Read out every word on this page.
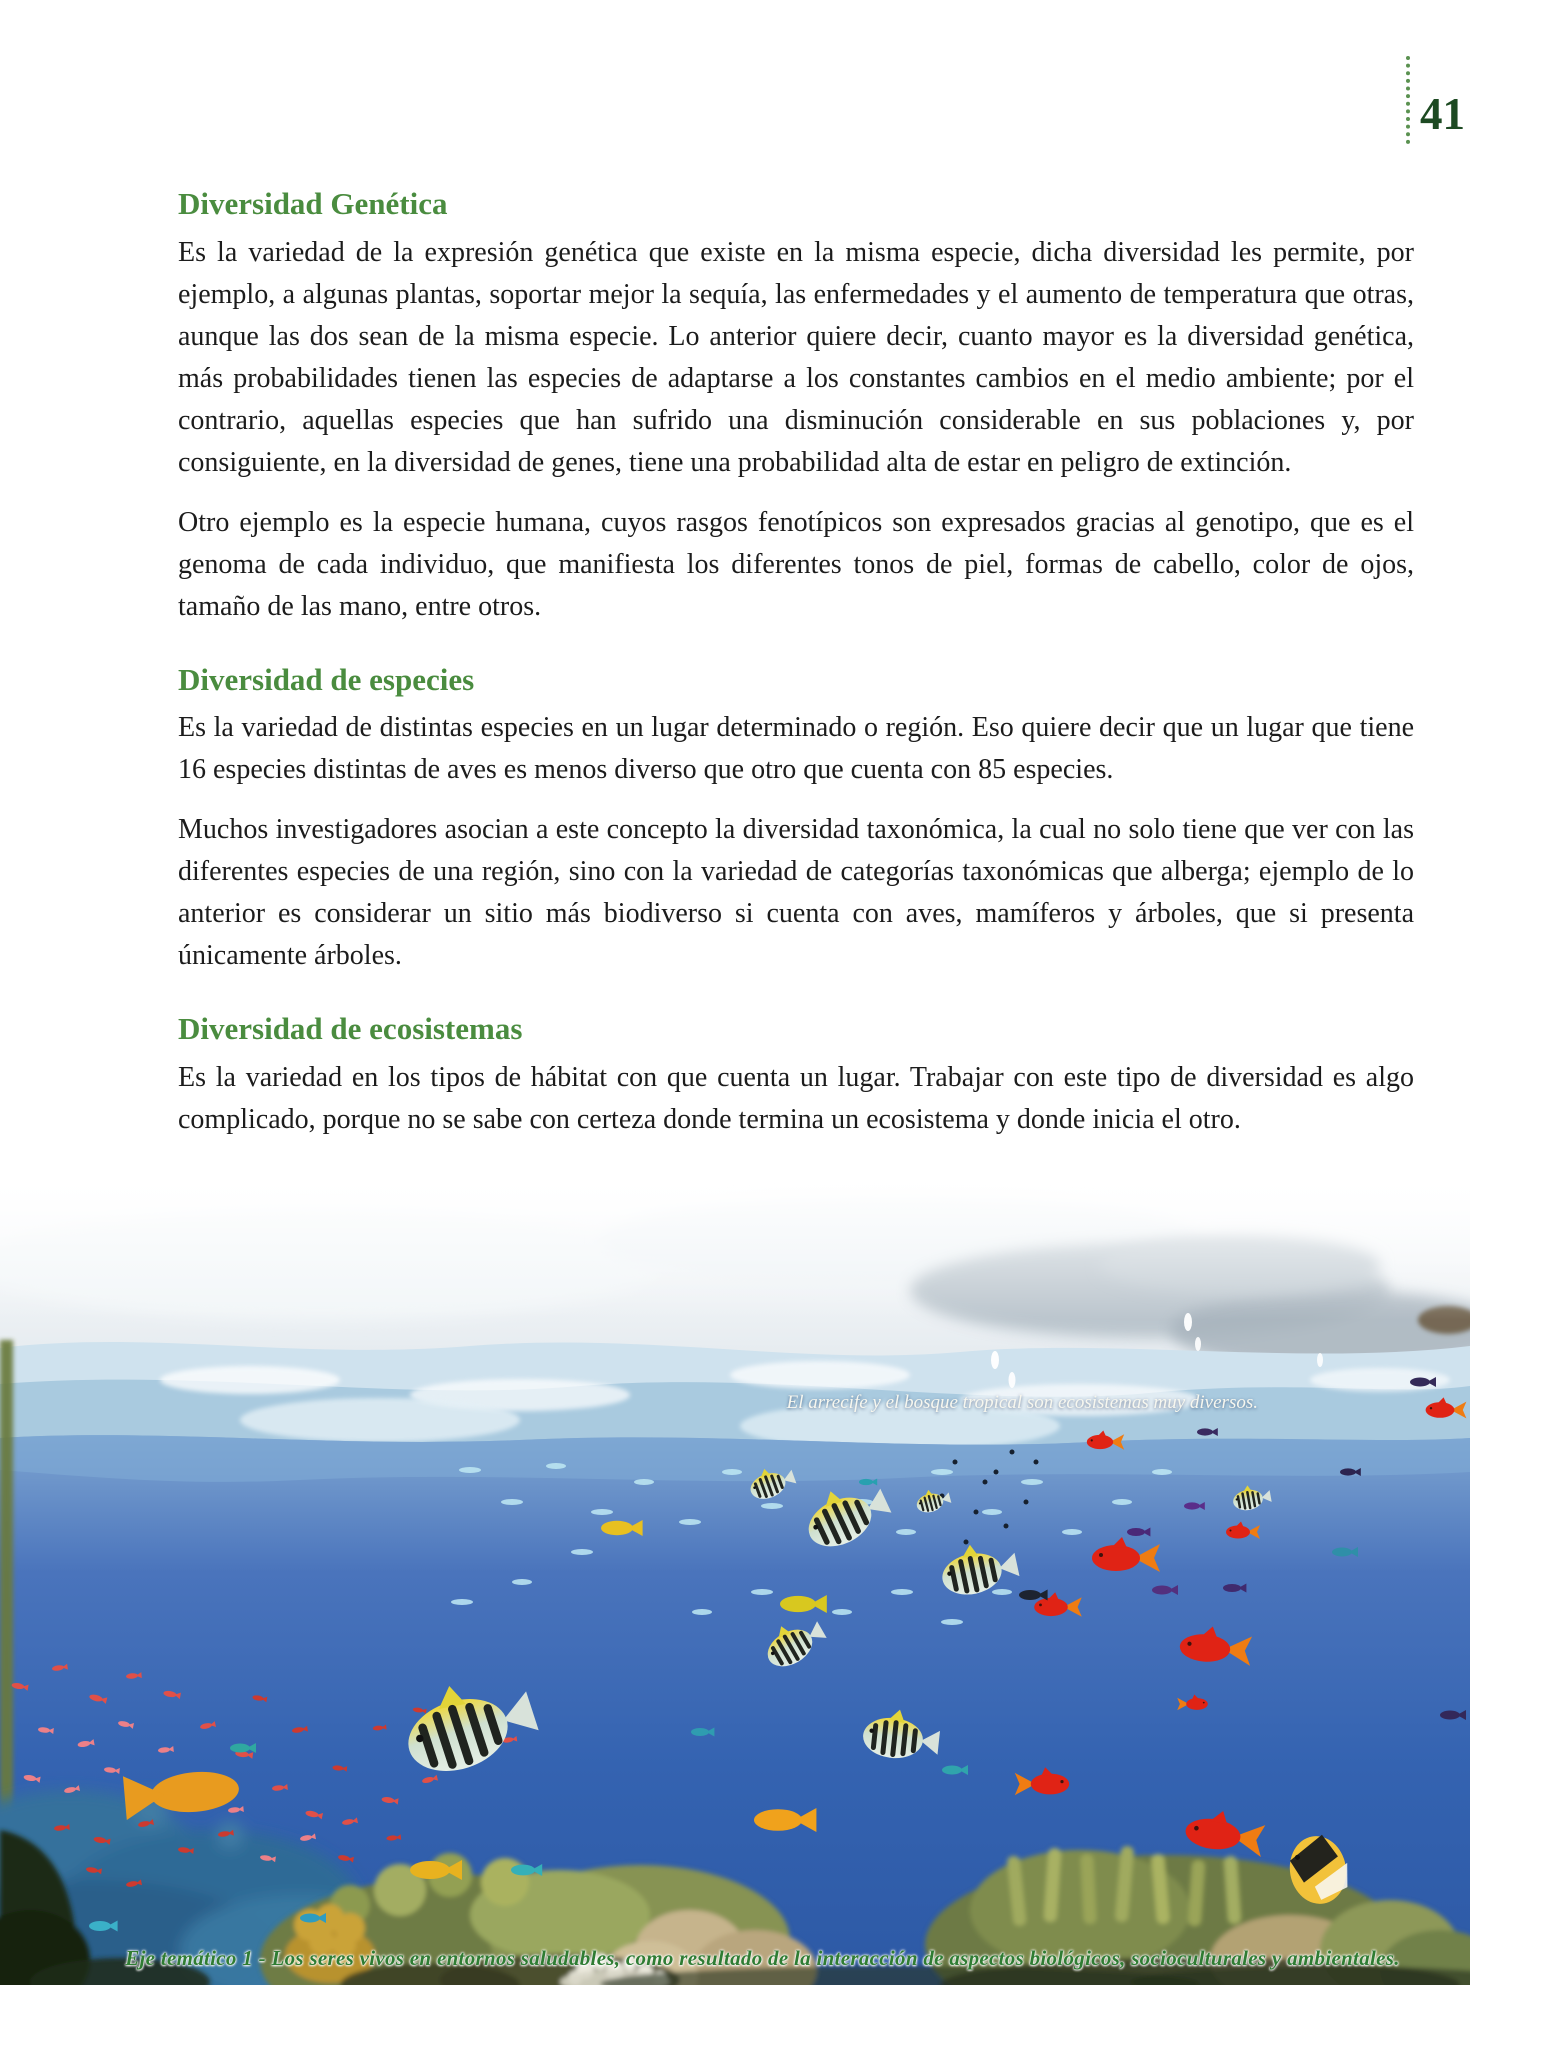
41
Diversidad Genética

Es la variedad de la expresión genética que existe en la misma especie, dicha diversidad les permite, por ejemplo, a algunas plantas, soportar mejor la sequía, las enfermedades y el aumento de temperatura que otras, aunque las dos sean de la misma especie. Lo anterior quiere decir, cuanto mayor es la diversidad genética, más probabilidades tienen las especies de adaptarse a los constantes cambios en el medio ambiente; por el contrario, aquellas especies que han sufrido una disminución considerable en sus poblaciones y, por consiguiente, en la diversidad de genes, tiene una probabilidad alta de estar en peligro de extinción.

Otro ejemplo es la especie humana, cuyos rasgos fenotípicos son expresados gracias al genotipo, que es el genoma de cada individuo, que manifiesta los diferentes tonos de piel, formas de cabello, color de ojos, tamaño de las mano, entre otros.

Diversidad de especies

Es la variedad de distintas especies en un lugar determinado o región. Eso quiere decir que un lugar que tiene 16 especies distintas de aves es menos diverso que otro que cuenta con 85 especies.

Muchos investigadores asocian a este concepto la diversidad taxonómica, la cual no solo tiene que ver con las diferentes especies de una región, sino con la variedad de categorías taxonómicas que alberga; ejemplo de lo anterior es considerar un sitio más biodiverso si cuenta con aves, mamíferos y árboles, que si presenta únicamente árboles.

Diversidad de ecosistemas

Es la variedad en los tipos de hábitat con que cuenta un lugar. Trabajar con este tipo de diversidad es algo complicado, porque no se sabe con certeza donde termina un ecosistema y donde inicia el otro.

El arrecife y el bosque tropical son ecosistemas muy diversos.
Eje temático 1 - Los seres vivos en entornos saludables, como resultado de la interacción de aspectos biológicos, socioculturales y ambientales.
